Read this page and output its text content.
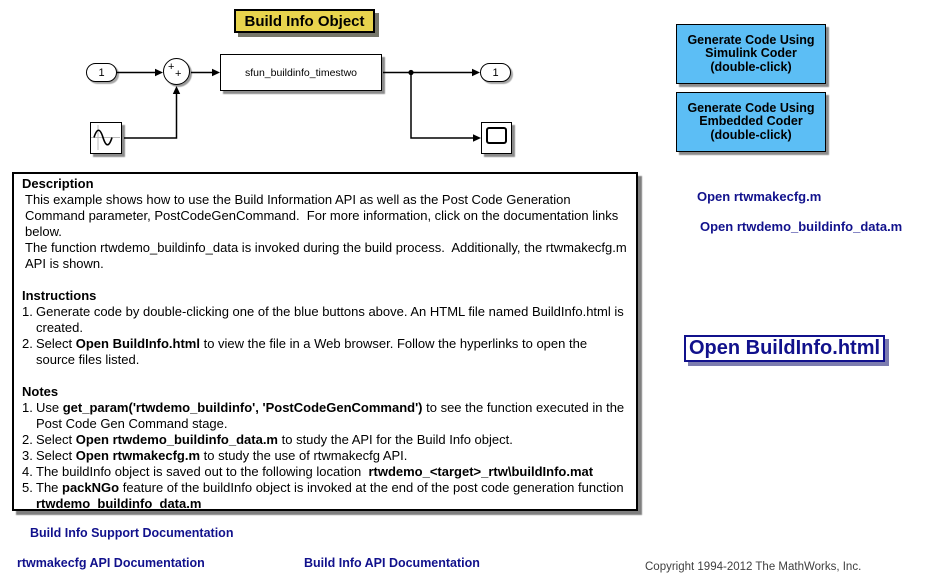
Build Info Object
1	+
+	sfun_buildinfo_timestwo	1
Generate Code Using
Simulink Coder
(double-click)
Generate Code Using
Embedded Coder
(double-click)
Open rtwmakecfg.m
Open rtwdemo_buildinfo_data.m
Open BuildInfo.html
Description
This example shows how to use the Build Information API as well as the Post Code Generation Command parameter, PostCodeGenCommand.  For more information, click on the documentation links below.
The function rtwdemo_buildinfo_data is invoked during the build process.  Additionally, the rtwmakecfg.m API is shown.
Instructions
1. Generate code by double-clicking one of the blue buttons above. An HTML file named BuildInfo.html is created.
2. Select Open BuildInfo.html to view the file in a Web browser. Follow the hyperlinks to open the source files listed.
Notes
1. Use get_param('rtwdemo_buildinfo', 'PostCodeGenCommand') to see the function executed in the Post Code Gen Command stage.
2. Select Open rtwdemo_buildinfo_data.m to study the API for the Build Info object.
3. Select Open rtwmakecfg.m to study the use of rtwmakecfg API.
4. The buildInfo object is saved out to the following location  rtwdemo_<target>_rtw\buildInfo.mat
5. The packNGo feature of the buildInfo object is invoked at the end of the post code generation function rtwdemo_buildinfo_data.m
Build Info Support Documentation
rtwmakecfg API Documentation	Build Info API Documentation	Copyright 1994-2012 The MathWorks, Inc.
